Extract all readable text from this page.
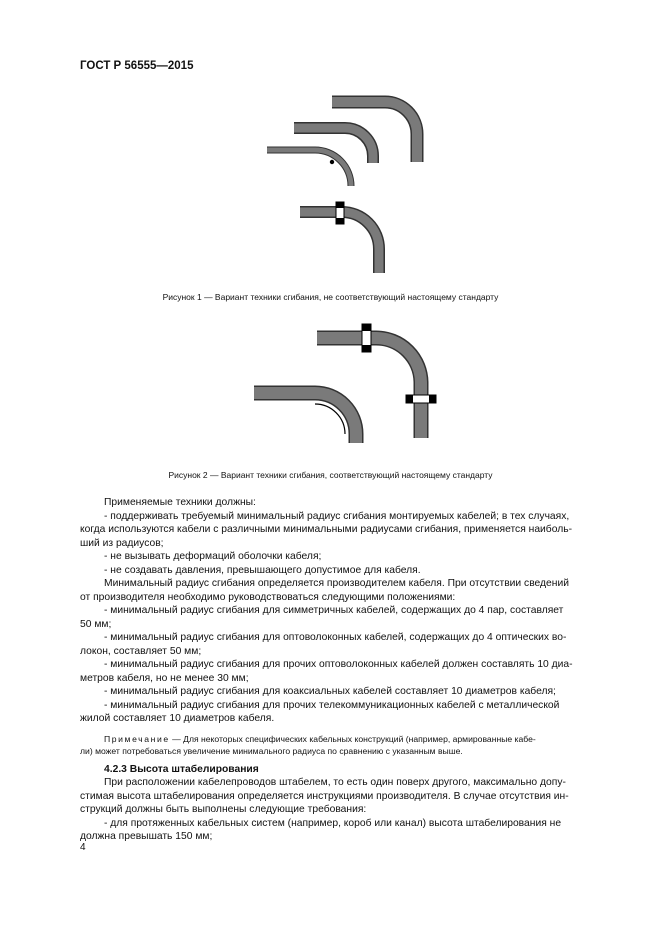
ГОСТ Р 56555—2015
Рисунок 1 — Вариант техники сгибания, не соответствующий настоящему стандарту
Рисунок 2 — Вариант техники сгибания, соответствующий настоящему стандарту

Применяемые техники должны:

- поддерживать требуемый минимальный радиус сгибания монтируемых кабелей; в тех случаях,

когда используются кабели с различными минимальными радиусами сгибания, применяется наиболь-

ший из радиусов;

- не вызывать деформаций оболочки кабеля;

- не создавать давления, превышающего допустимое для кабеля.

Минимальный радиус сгибания определяется производителем кабеля. При отсутствии сведений

от производителя необходимо руководствоваться следующими положениями:

- минимальный радиус сгибания для симметричных кабелей, содержащих до 4 пар, составляет

50 мм;

- минимальный радиус сгибания для оптоволоконных кабелей, содержащих до 4 оптических во-

локон, составляет 50 мм;

- минимальный радиус сгибания для прочих оптоволоконных кабелей должен составлять 10 диа-

метров кабеля, но не менее 30 мм;

- минимальный радиус сгибания для коаксиальных кабелей составляет 10 диаметров кабеля;

- минимальный радиус сгибания для прочих телекоммуникационных кабелей с металлической

жилой составляет 10 диаметров кабеля.

Примечание — Для некоторых специфических кабельных конструкций (например, армированные кабе-

ли) может потребоваться увеличение минимального радиуса по сравнению с указанным выше.

4.2.3 Высота штабелирования

При расположении кабелепроводов штабелем, то есть один поверх другого, максимально допу-

стимая высота штабелирования определяется инструкциями производителя. В случае отсутствия ин-

струкций должны быть выполнены следующие требования:

- для протяженных кабельных систем (например, короб или канал) высота штабелирования не

должна превышать 150 мм;

4
